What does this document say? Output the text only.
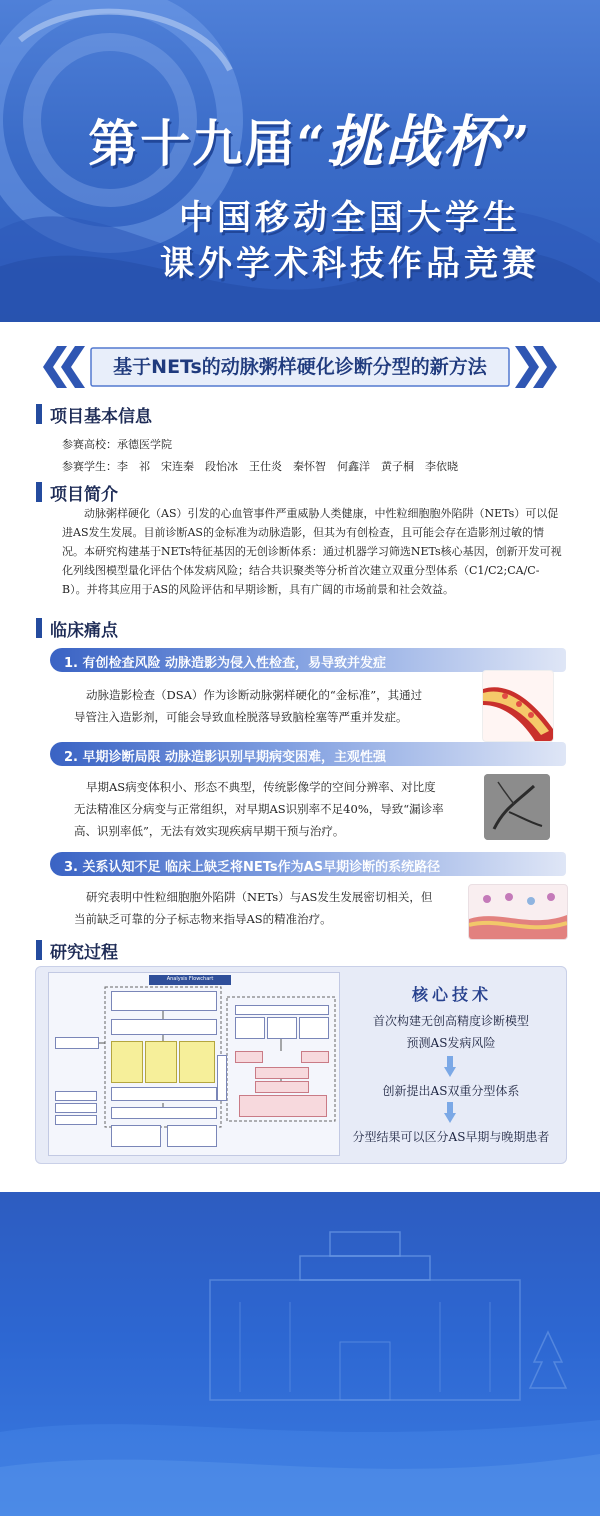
第十九届“挑战杯”
中国移动全国大学生
课外学术科技作品竞赛
基于NETs的动脉粥样硬化诊断分型的新方法
项目基本信息
参赛高校：承德医学院
参赛学生：李　祁　宋连秦　段怡冰　王仕炎　秦怀智　何鑫洋　黄子桐　李依晓
项目简介
动脉粥样硬化（AS）引发的心血管事件严重威胁人类健康，中性粒细胞胞外陷阱（NETs）可以促
进AS发生发展。目前诊断AS的金标准为动脉造影，但其为有创检查，且可能会存在造影剂过敏的情
况。本研究构建基于NETs特征基因的无创诊断体系：通过机器学习筛选NETs核心基因，创新开发可视
化列线图模型量化评估个体发病风险；结合共识聚类等分析首次建立双重分型体系（C1/C2;CA/C-
B）。并将其应用于AS的风险评估和早期诊断，具有广阔的市场前景和社会效益。
临床痛点
1. 有创检查风险 动脉造影为侵入性检查，易导致并发症
动脉造影检查（DSA）作为诊断动脉粥样硬化的“金标准”，其通过
导管注入造影剂，可能会导致血栓脱落导致脑栓塞等严重并发症。
2. 早期诊断局限 动脉造影识别早期病变困难，主观性强
早期AS病变体积小、形态不典型，传统影像学的空间分辨率、对比度
无法精准区分病变与正常组织，对早期AS识别率不足40%，导致“漏诊率
高、识别率低”，无法有效实现疾病早期干预与治疗。
3. 关系认知不足 临床上缺乏将NETs作为AS早期诊断的系统路径
研究表明中性粒细胞胞外陷阱（NETs）与AS发生发展密切相关，但
当前缺乏可靠的分子标志物来指导AS的精准治疗。
研究过程
Analysis Flowchart
核心技术
首次构建无创高精度诊断模型
预测AS发病风险
创新提出AS双重分型体系
分型结果可以区分AS早期与晚期患者
